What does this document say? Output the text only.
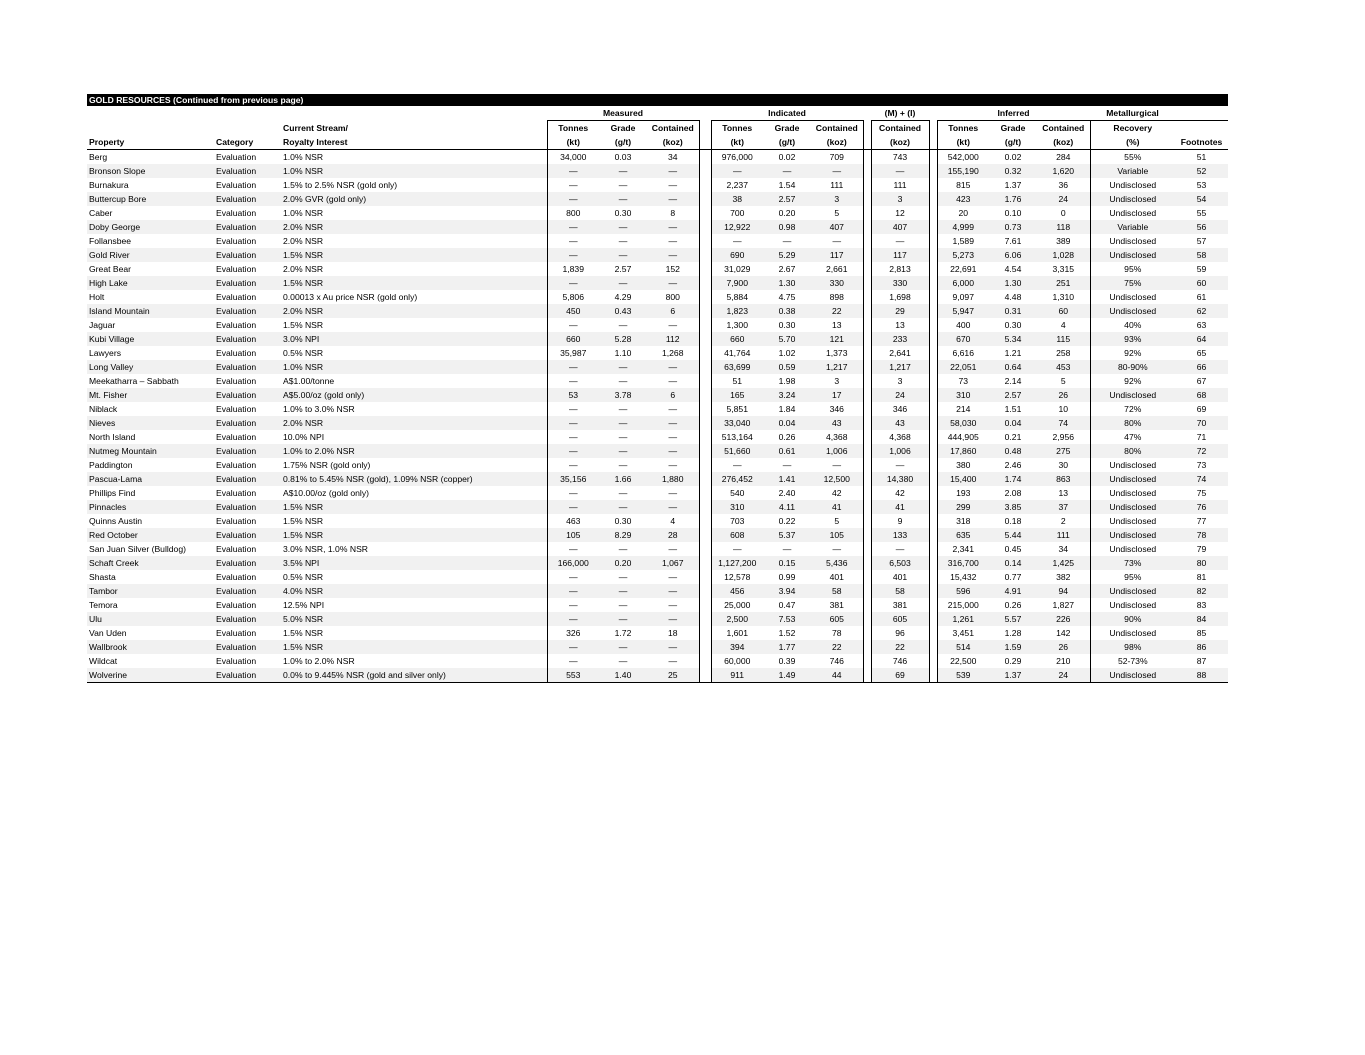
GOLD RESOURCES (Continued from previous page)
			Measured				Indicated				(M) + (I)		Inferred			Metallurgical	
		Current Stream/	Tonnes	Grade	Contained		Tonnes	Grade	Contained		Contained		Tonnes	Grade	Contained	Recovery	
Property	Category	Royalty Interest	(kt)	(g/t)	(koz)		(kt)	(g/t)	(koz)		(koz)		(kt)	(g/t)	(koz)	(%)	Footnotes
Berg	Evaluation	1.0% NSR	34,000	0.03	34		976,000	0.02	709		743		542,000	0.02	284	55%	51
Bronson Slope	Evaluation	1.0% NSR	—	—	—		—	—	—		—		155,190	0.32	1,620	Variable	52
Burnakura	Evaluation	1.5% to 2.5% NSR (gold only)	—	—	—		2,237	1.54	111		111		815	1.37	36	Undisclosed	53
Buttercup Bore	Evaluation	2.0% GVR (gold only)	—	—	—		38	2.57	3		3		423	1.76	24	Undisclosed	54
Caber	Evaluation	1.0% NSR	800	0.30	8		700	0.20	5		12		20	0.10	0	Undisclosed	55
Doby George	Evaluation	2.0% NSR	—	—	—		12,922	0.98	407		407		4,999	0.73	118	Variable	56
Follansbee	Evaluation	2.0% NSR	—	—	—		—	—	—		—		1,589	7.61	389	Undisclosed	57
Gold River	Evaluation	1.5% NSR	—	—	—		690	5.29	117		117		5,273	6.06	1,028	Undisclosed	58
Great Bear	Evaluation	2.0% NSR	1,839	2.57	152		31,029	2.67	2,661		2,813		22,691	4.54	3,315	95%	59
High Lake	Evaluation	1.5% NSR	—	—	—		7,900	1.30	330		330		6,000	1.30	251	75%	60
Holt	Evaluation	0.00013 x Au price NSR (gold only)	5,806	4.29	800		5,884	4.75	898		1,698		9,097	4.48	1,310	Undisclosed	61
Island Mountain	Evaluation	2.0% NSR	450	0.43	6		1,823	0.38	22		29		5,947	0.31	60	Undisclosed	62
Jaguar	Evaluation	1.5% NSR	—	—	—		1,300	0.30	13		13		400	0.30	4	40%	63
Kubi Village	Evaluation	3.0% NPI	660	5.28	112		660	5.70	121		233		670	5.34	115	93%	64
Lawyers	Evaluation	0.5% NSR	35,987	1.10	1,268		41,764	1.02	1,373		2,641		6,616	1.21	258	92%	65
Long Valley	Evaluation	1.0% NSR	—	—	—		63,699	0.59	1,217		1,217		22,051	0.64	453	80-90%	66
Meekatharra – Sabbath	Evaluation	A$1.00/tonne	—	—	—		51	1.98	3		3		73	2.14	5	92%	67
Mt. Fisher	Evaluation	A$5.00/oz (gold only)	53	3.78	6		165	3.24	17		24		310	2.57	26	Undisclosed	68
Niblack	Evaluation	1.0% to 3.0% NSR	—	—	—		5,851	1.84	346		346		214	1.51	10	72%	69
Nieves	Evaluation	2.0% NSR	—	—	—		33,040	0.04	43		43		58,030	0.04	74	80%	70
North Island	Evaluation	10.0% NPI	—	—	—		513,164	0.26	4,368		4,368		444,905	0.21	2,956	47%	71
Nutmeg Mountain	Evaluation	1.0% to 2.0% NSR	—	—	—		51,660	0.61	1,006		1,006		17,860	0.48	275	80%	72
Paddington	Evaluation	1.75% NSR (gold only)	—	—	—		—	—	—		—		380	2.46	30	Undisclosed	73
Pascua-Lama	Evaluation	0.81% to 5.45% NSR (gold), 1.09% NSR (copper)	35,156	1.66	1,880		276,452	1.41	12,500		14,380		15,400	1.74	863	Undisclosed	74
Phillips Find	Evaluation	A$10.00/oz (gold only)	—	—	—		540	2.40	42		42		193	2.08	13	Undisclosed	75
Pinnacles	Evaluation	1.5% NSR	—	—	—		310	4.11	41		41		299	3.85	37	Undisclosed	76
Quinns Austin	Evaluation	1.5% NSR	463	0.30	4		703	0.22	5		9		318	0.18	2	Undisclosed	77
Red October	Evaluation	1.5% NSR	105	8.29	28		608	5.37	105		133		635	5.44	111	Undisclosed	78
San Juan Silver (Bulldog)	Evaluation	3.0% NSR, 1.0% NSR	—	—	—		—	—	—		—		2,341	0.45	34	Undisclosed	79
Schaft Creek	Evaluation	3.5% NPI	166,000	0.20	1,067		1,127,200	0.15	5,436		6,503		316,700	0.14	1,425	73%	80
Shasta	Evaluation	0.5% NSR	—	—	—		12,578	0.99	401		401		15,432	0.77	382	95%	81
Tambor	Evaluation	4.0% NSR	—	—	—		456	3.94	58		58		596	4.91	94	Undisclosed	82
Temora	Evaluation	12.5% NPI	—	—	—		25,000	0.47	381		381		215,000	0.26	1,827	Undisclosed	83
Ulu	Evaluation	5.0% NSR	—	—	—		2,500	7.53	605		605		1,261	5.57	226	90%	84
Van Uden	Evaluation	1.5% NSR	326	1.72	18		1,601	1.52	78		96		3,451	1.28	142	Undisclosed	85
Wallbrook	Evaluation	1.5% NSR	—	—	—		394	1.77	22		22		514	1.59	26	98%	86
Wildcat	Evaluation	1.0% to 2.0% NSR	—	—	—		60,000	0.39	746		746		22,500	0.29	210	52-73%	87
Wolverine	Evaluation	0.0% to 9.445% NSR (gold and silver only)	553	1.40	25		911	1.49	44		69		539	1.37	24	Undisclosed	88
